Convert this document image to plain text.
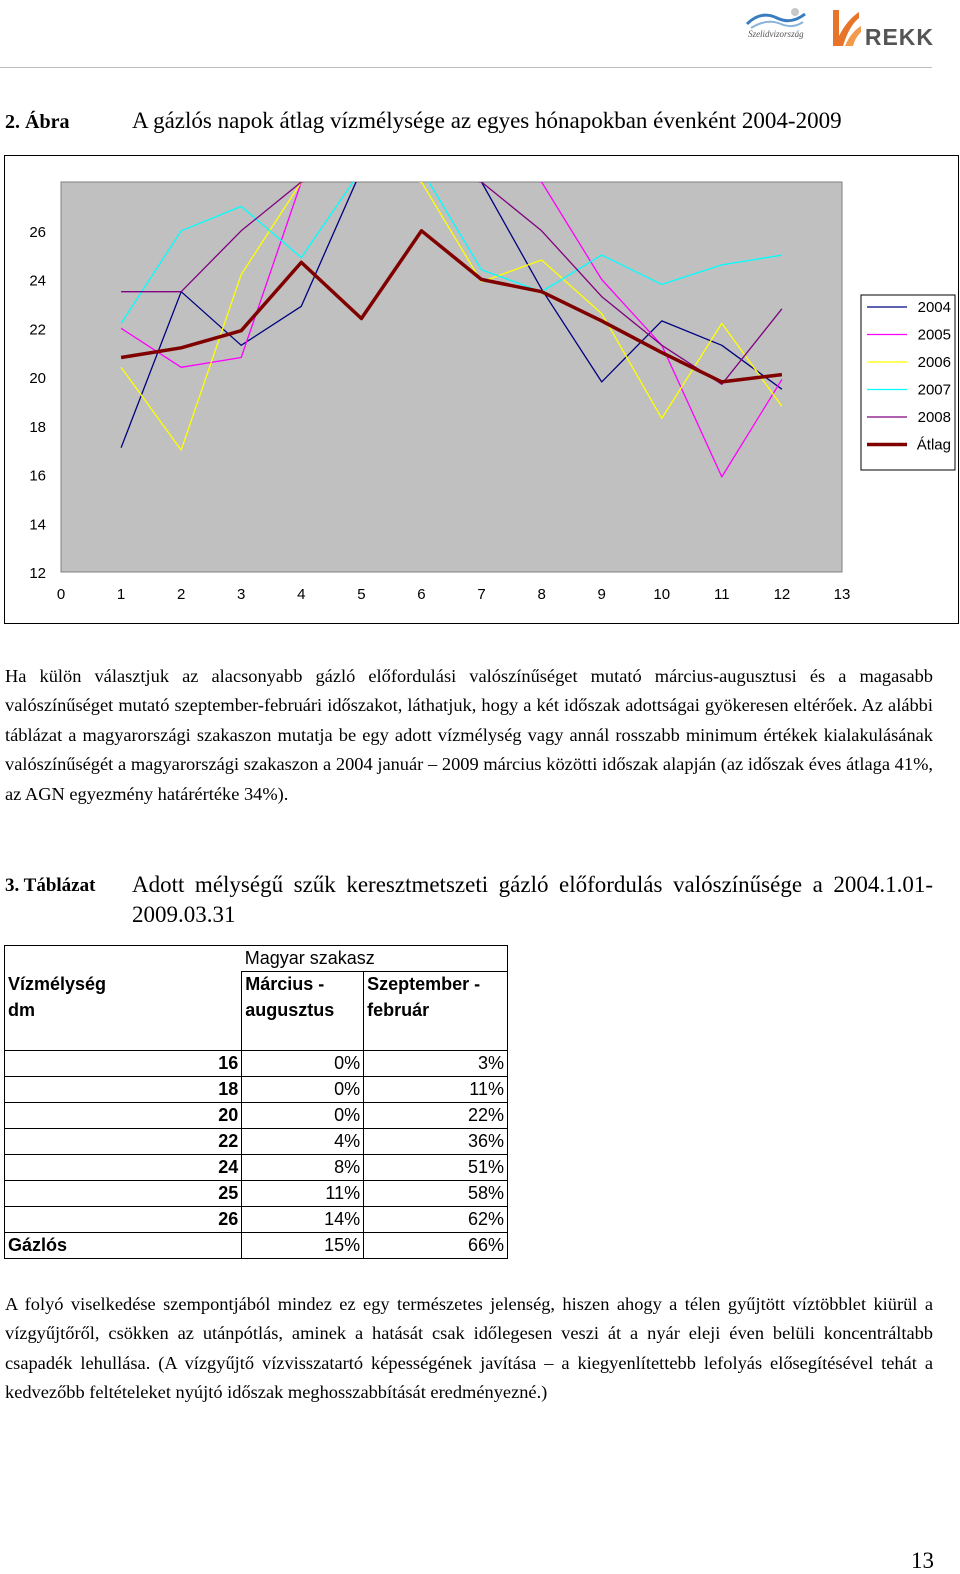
Szelidvizország	REKK
2. Ábra	A gázlós napok átlag vízmélysége az egyes hónapokban évenként 2004-2009
12
14
16
18
20
22
24
26
0	1	2	3	4	5	6	7	8	9	10	11	12	13
2004
2005
2006
2007
2008
Átlag

Ha külön választjuk az alacsonyabb gázló előfordulási valószínűséget mutató március-augusztusi és a magasabb valószínűséget mutató szeptember-februári időszakot, láthatjuk, hogy a két időszak adottságai gyökeresen eltérőek. Az alábbi táblázat a magyarországi szakaszon mutatja be egy adott vízmélység vagy annál rosszabb minimum értékek kialakulásának valószínűségét a magyarországi szakaszon a 2004 január – 2009 március közötti időszak alapján (az időszak éves átlaga 41%, az AGN egyezmény határértéke 34%).

3. Táblázat	Adott mélységű szűk keresztmetszeti gázló előfordulás valószínűsége a 2004.1.01-2009.03.31
	Magyar szakasz	
Vízmélység	Március -	Szeptember -
dm	augusztus	február

16	0%	3%
18	0%	11%
20	0%	22%
22	4%	36%
24	8%	51%
25	11%	58%
26	14%	62%
Gázlós	15%	66%

A folyó viselkedése szempontjából mindez ez egy természetes jelenség, hiszen ahogy a télen gyűjtött víztöbblet kiürül a vízgyűjtőről, csökken az utánpótlás, aminek a hatását csak időlegesen veszi át a nyár eleji éven belüli koncentráltabb csapadék lehullása. (A vízgyűjtő vízvisszatartó képességének javítása – a kiegyenlítettebb lefolyás elősegítésével tehát a kedvezőbb feltételeket nyújtó időszak meghosszabbítását eredményezné.)

13
